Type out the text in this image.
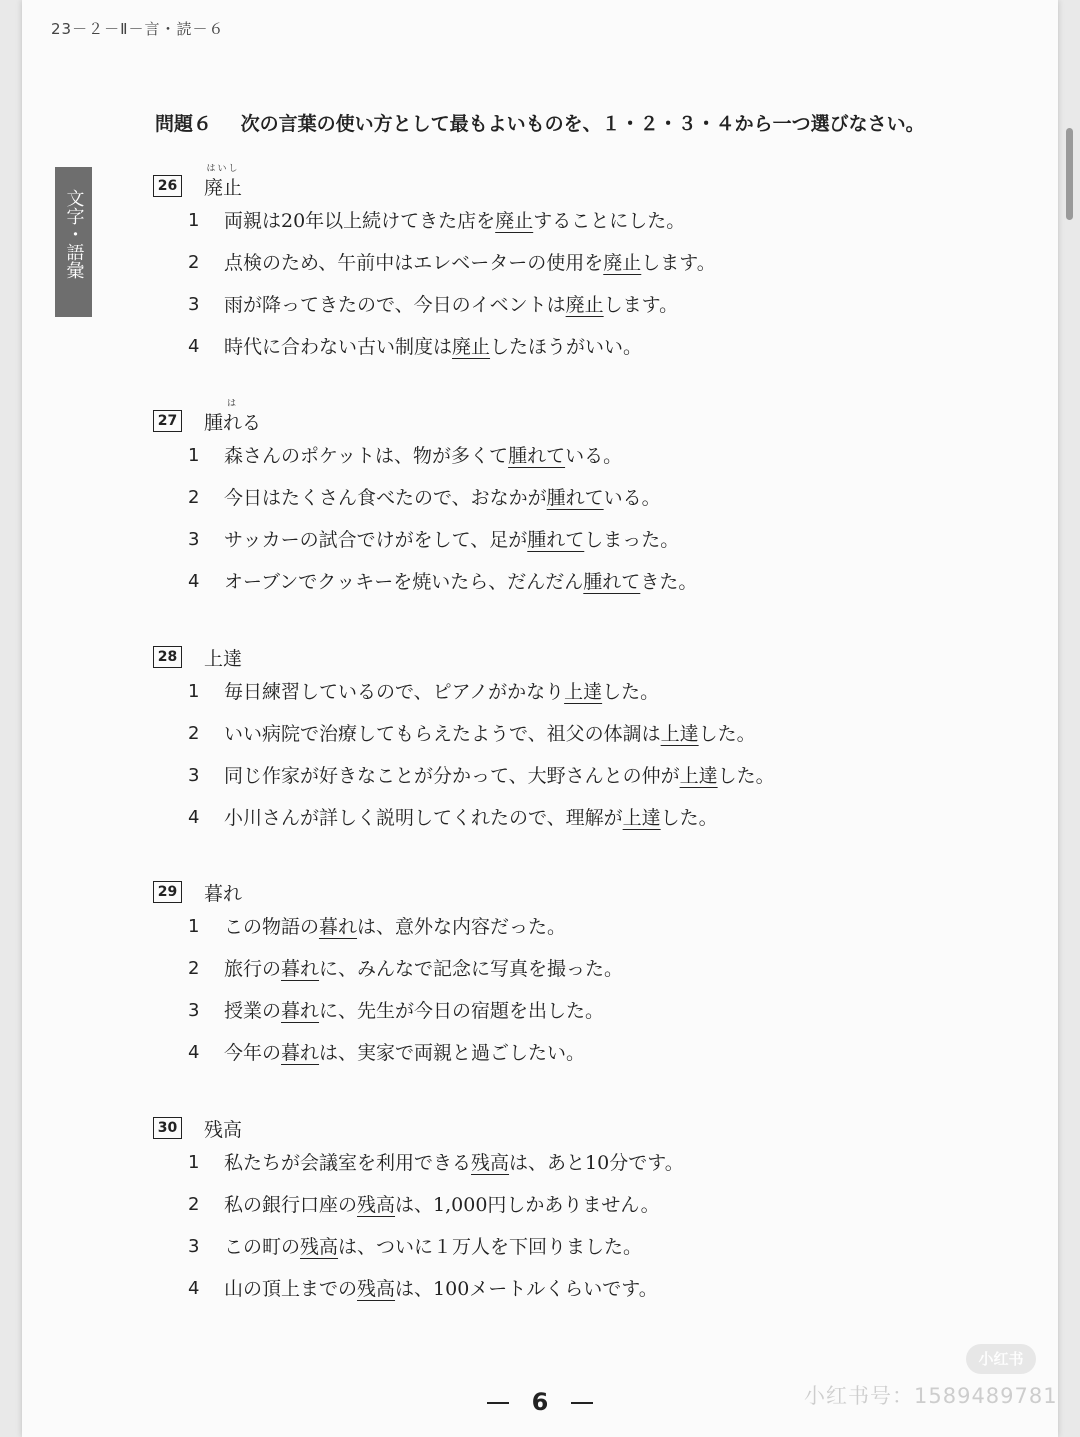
23－２－Ⅱ－言・読－６
文字・語彙
問題６ 次の言葉の使い方として最もよいものを、１・２・３・４から一つ選びなさい。
26
はいし
廃止
1 両親は20年以上続けてきた店を廃止することにした。
2 点検のため、午前中はエレベーターの使用を廃止します。
3 雨が降ってきたので、今日のイベントは廃止します。
4 時代に合わない古い制度は廃止したほうがいい。
27
は
腫れる
1 森さんのポケットは、物が多くて腫れている。
2 今日はたくさん食べたので、おなかが腫れている。
3 サッカーの試合でけがをして、足が腫れてしまった。
4 オーブンでクッキーを焼いたら、だんだん腫れてきた。
28 上達
1 毎日練習しているので、ピアノがかなり上達した。
2 いい病院で治療してもらえたようで、祖父の体調は上達した。
3 同じ作家が好きなことが分かって、大野さんとの仲が上達した。
4 小川さんが詳しく説明してくれたので、理解が上達した。
29 暮れ
1 この物語の暮れは、意外な内容だった。
2 旅行の暮れに、みんなで記念に写真を撮った。
3 授業の暮れに、先生が今日の宿題を出した。
4 今年の暮れは、実家で両親と過ごしたい。
30 残高
1 私たちが会議室を利用できる残高は、あと10分です。
2 私の銀行口座の残高は、1,000円しかありません。
3 この町の残高は、ついに１万人を下回りました。
4 山の頂上までの残高は、100メートルくらいです。
6
小红书
小红书号：1589489781
